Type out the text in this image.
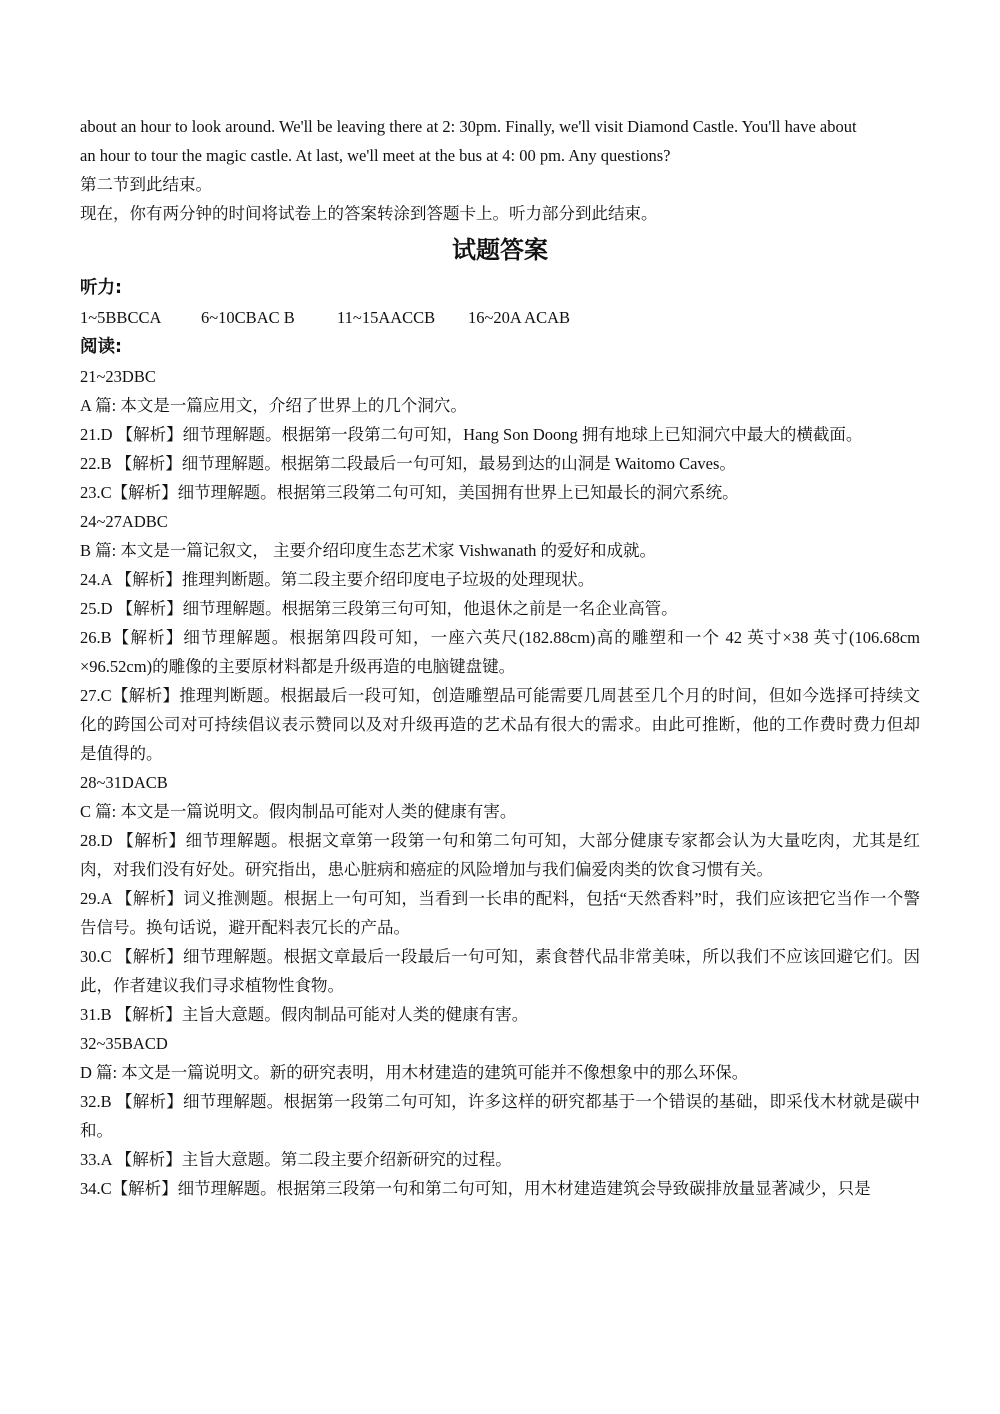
about an hour to look around. We'll be leaving there at 2: 30pm. Finally, we'll visit Diamond Castle. You'll have about
an hour to tour the magic castle. At last, we'll meet at the bus at 4: 00 pm. Any questions?
第二节到此结束。
现在，你有两分钟的时间将试卷上的答案转涂到答题卡上。听力部分到此结束。
试题答案
听力:
1~5BBCCA 6~10CBAC B	11~15AACCB 16~20A ACAB
阅读:
21~23DBC
A 篇: 本文是一篇应用文，介绍了世界上的几个洞穴。
21.D 【解析】细节理解题。根据第一段第二句可知，Hang Son Doong 拥有地球上已知洞穴中最大的横截面。
22.B 【解析】细节理解题。根据第二段最后一句可知，最易到达的山洞是 Waitomo Caves。
23.C【解析】细节理解题。根据第三段第二句可知，美国拥有世界上已知最长的洞穴系统。
24~27ADBC
B 篇: 本文是一篇记叙文， 主要介绍印度生态艺术家 Vishwanath 的爱好和成就。
24.A 【解析】推理判断题。第二段主要介绍印度电子垃圾的处理现状。
25.D 【解析】细节理解题。根据第三段第三句可知，他退休之前是一名企业高管。
26.B【解析】细节理解题。根据第四段可知，一座六英尺(182.88cm)高的雕塑和一个 42 英寸×38 英寸(106.68cm ×96.52cm)的雕像的主要原材料都是升级再造的电脑键盘键。
27.C【解析】推理判断题。根据最后一段可知，创造雕塑品可能需要几周甚至几个月的时间，但如今选择可持续文化的跨国公司对可持续倡议表示赞同以及对升级再造的艺术品有很大的需求。由此可推断，他的工作费时费力但却是值得的。
28~31DACB
C 篇: 本文是一篇说明文。假肉制品可能对人类的健康有害。
28.D 【解析】细节理解题。根据文章第一段第一句和第二句可知，大部分健康专家都会认为大量吃肉，尤其是红肉，对我们没有好处。研究指出，患心脏病和癌症的风险增加与我们偏爱肉类的饮食习惯有关。
29.A 【解析】词义推测题。根据上一句可知，当看到一长串的配料，包括“天然香料”时，我们应该把它当作一个警告信号。换句话说，避开配料表冗长的产品。
30.C 【解析】细节理解题。根据文章最后一段最后一句可知，素食替代品非常美味，所以我们不应该回避它们。因此，作者建议我们寻求植物性食物。
31.B 【解析】主旨大意题。假肉制品可能对人类的健康有害。
32~35BACD
D 篇: 本文是一篇说明文。新的研究表明，用木材建造的建筑可能并不像想象中的那么环保。
32.B 【解析】细节理解题。根据第一段第二句可知，许多这样的研究都基于一个错误的基础，即采伐木材就是碳中和。
33.A 【解析】主旨大意题。第二段主要介绍新研究的过程。
34.C【解析】细节理解题。根据第三段第一句和第二句可知，用木材建造建筑会导致碳排放量显著减少，只是
